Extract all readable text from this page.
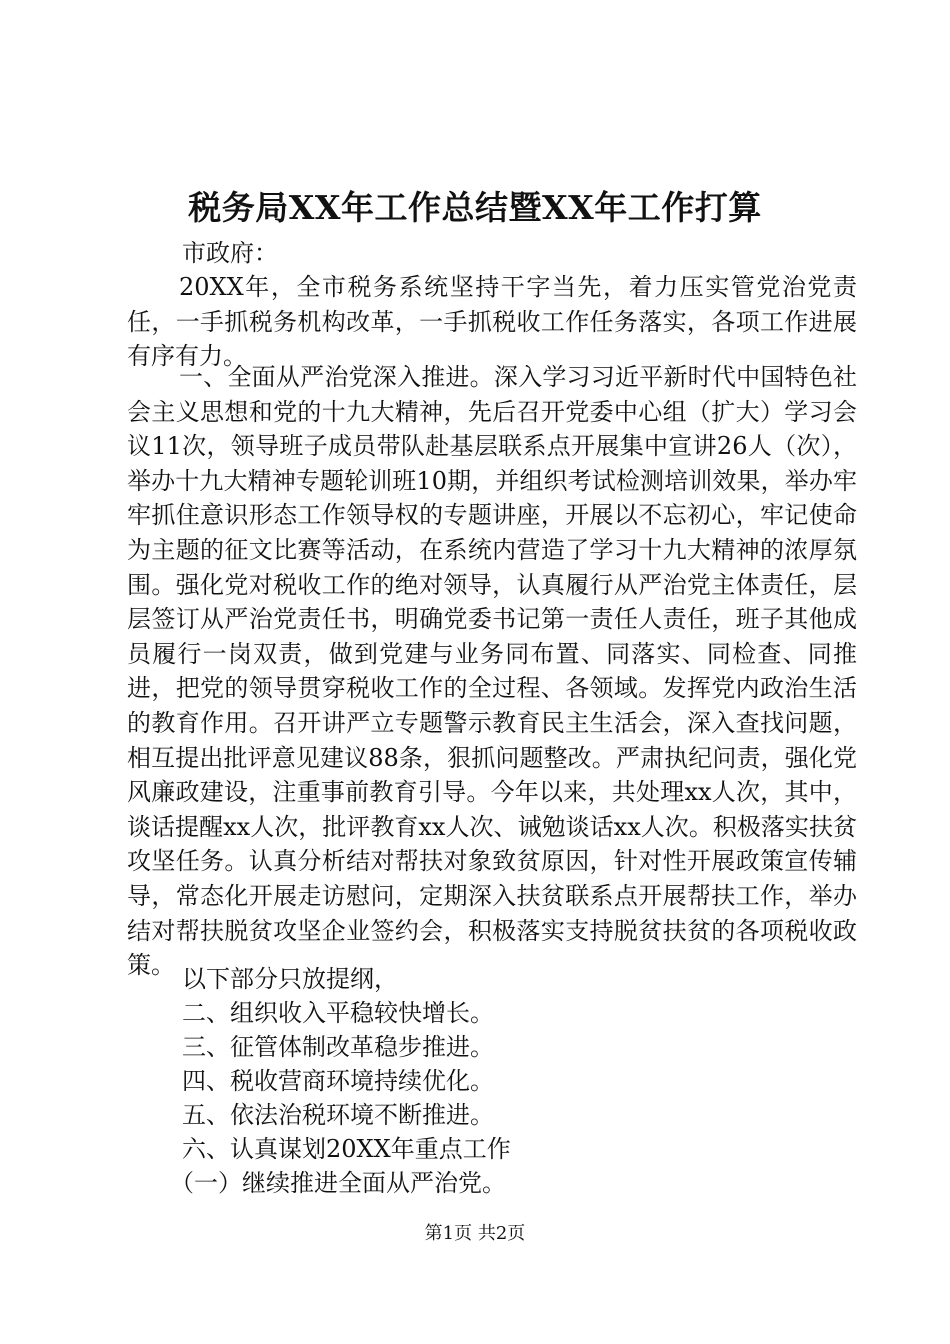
税务局XX年工作总结暨XX年工作打算
市政府：

20XX年，全市税务系统坚持干字当先，着力压实管党治党责任，一手抓税务机构改革，一手抓税收工作任务落实，各项工作进展有序有力。

一、全面从严治党深入推进。深入学习习近平新时代中国特色社会主义思想和党的十九大精神，先后召开党委中心组（扩大）学习会议11次，领导班子成员带队赴基层联系点开展集中宣讲26人（次），举办十九大精神专题轮训班10期，并组织考试检测培训效果，举办牢牢抓住意识形态工作领导权的专题讲座，开展以不忘初心，牢记使命为主题的征文比赛等活动，在系统内营造了学习十九大精神的浓厚氛围。强化党对税收工作的绝对领导，认真履行从严治党主体责任，层层签订从严治党责任书，明确党委书记第一责任人责任，班子其他成员履行一岗双责，做到党建与业务同布置、同落实、同检查、同推进，把党的领导贯穿税收工作的全过程、各领域。发挥党内政治生活的教育作用。召开讲严立专题警示教育民主生活会，深入查找问题，相互提出批评意见建议88条，狠抓问题整改。严肃执纪问责，强化党风廉政建设，注重事前教育引导。今年以来，共处理xx人次，其中，谈话提醒xx人次，批评教育xx人次、诫勉谈话xx人次。积极落实扶贫攻坚任务。认真分析结对帮扶对象致贫原因，针对性开展政策宣传辅导，常态化开展走访慰问，定期深入扶贫联系点开展帮扶工作，举办结对帮扶脱贫攻坚企业签约会，积极落实支持脱贫扶贫的各项税收政策。 以下部分只放提纲，
二、组织收入平稳较快增长。
三、征管体制改革稳步推进。
四、税收营商环境持续优化。
五、依法治税环境不断推进。
六、认真谋划20XX年重点工作
（一）继续推进全面从严治党。
第1页 共2页
